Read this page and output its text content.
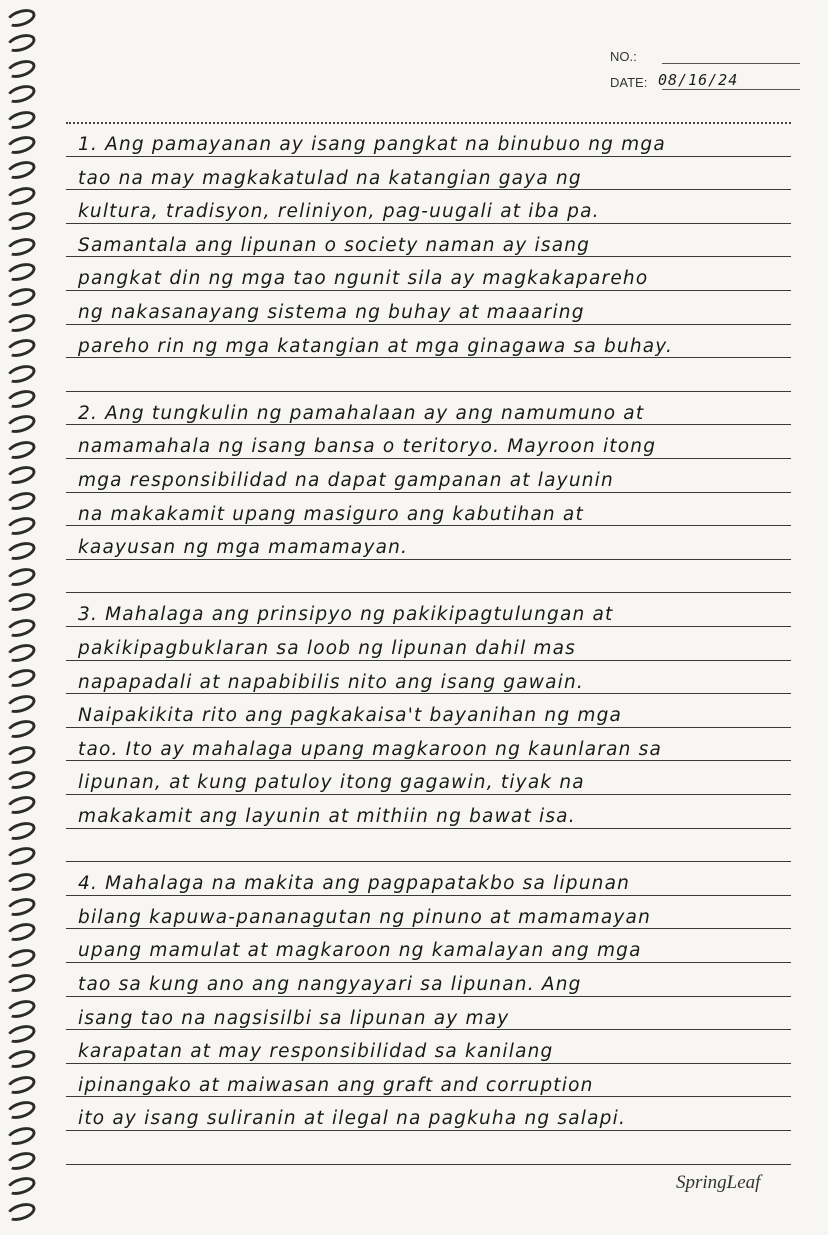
NO.:
DATE: 08/16/24
1. Ang pamayanan ay isang pangkat na binubuo ng mga
tao na may magkakatulad na katangian gaya ng
kultura, tradisyon, reliniyon, pag-uugali at iba pa.
Samantala ang lipunan o society naman ay isang
pangkat din ng mga tao ngunit sila ay magkakapareho
ng nakasanayang sistema ng buhay at maaaring
pareho rin ng mga katangian at mga ginagawa sa buhay.
2. Ang tungkulin ng pamahalaan ay ang namumuno at
namamahala ng isang bansa o teritoryo. Mayroon itong
mga responsibilidad na dapat gampanan at layunin
na makakamit upang masiguro ang kabutihan at
kaayusan ng mga mamamayan.
3. Mahalaga ang prinsipyo ng pakikipagtulungan at
pakikipagbuklaran sa loob ng lipunan dahil mas
napapadali at napabibilis nito ang isang gawain.
Naipakikita rito ang pagkakaisa't bayanihan ng mga
tao. Ito ay mahalaga upang magkaroon ng kaunlaran sa
lipunan, at kung patuloy itong gagawin, tiyak na
makakamit ang layunin at mithiin ng bawat isa.
4. Mahalaga na makita ang pagpapatakbo sa lipunan
bilang kapuwa-pananagutan ng pinuno at mamamayan
upang mamulat at magkaroon ng kamalayan ang mga
tao sa kung ano ang nangyayari sa lipunan. Ang
isang tao na nagsisilbi sa lipunan ay may
karapatan at may responsibilidad sa kanilang
ipinangako at maiwasan ang graft and corruption
ito ay isang suliranin at ilegal na pagkuha ng salapi.
SpringLeaf
